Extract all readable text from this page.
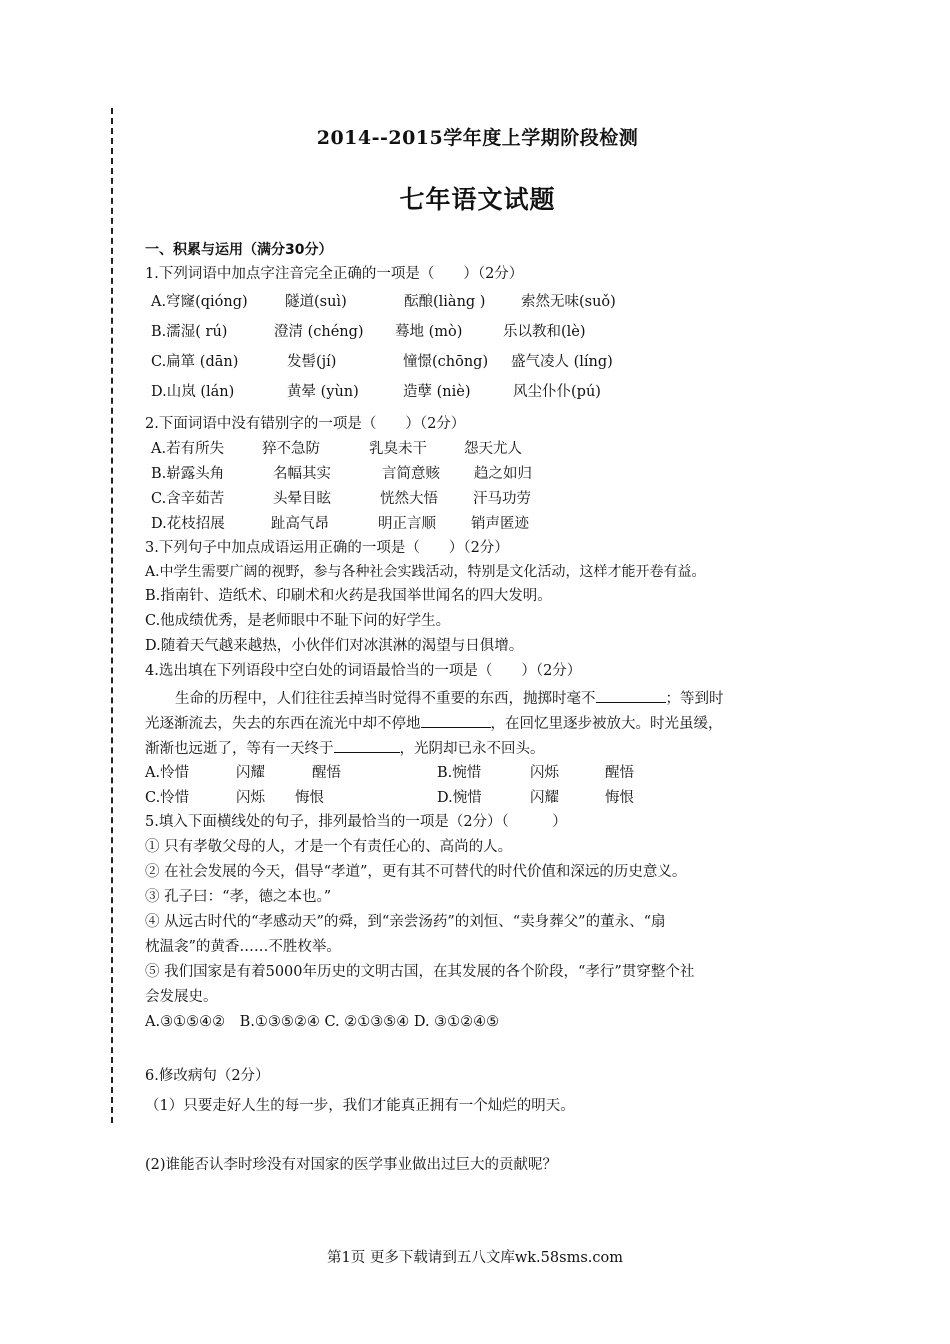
2014--2015学年度上学期阶段检测
七年语文试题
一、积累与运用（满分30分）
1.下列词语中加点字注音完全正确的一项是（　　）（2分）
A.穹窿(qióng)	隧道(suì)	酝酿(liàng ) 索然无味(suǒ)
B.濡湿( rú)	澄清 (chéng) 蓦地 (mò)	乐以教和(lè)
C.扁箪 (dān)	发髻(jí)	憧憬(chōng) 盛气凌人 (líng)
D.山岚 (lán)	黄晕 (yùn)	造孽 (niè)	风尘仆仆(pú)
2.下面词语中没有错别字的一项是（　　）（2分）
A.若有所失	猝不急防	乳臭未干	怨天尤人
B.崭露头角	名幅其实	言简意赅 趋之如归
C.含辛茹苦	头晕目眩	恍然大悟 汗马功劳
D.花枝招展	趾高气昂	明正言顺 销声匿迹
3.下列句子中加点成语运用正确的一项是（　　）（2分）
A.中学生需要广阔的视野，参与各种社会实践活动，特别是文化活动，这样才能开卷有益。
B.指南针、造纸术、印刷术和火药是我国举世闻名的四大发明。
C.他成绩优秀，是老师眼中不耻下问的好学生。
D.随着天气越来越热，小伙伴们对冰淇淋的渴望与日俱增。
4.选出填在下列语段中空白处的词语最恰当的一项是（　　）（2分）
生命的历程中，人们往往丢掉当时觉得不重要的东西，抛掷时毫不	；等到时
光逐渐流去，失去的东西在流光中却不停地	，在回忆里逐步被放大。时光虽缓，
渐渐也远逝了，等有一天终于	，光阴却已永不回头。
A.怜惜	闪耀	醒悟	B.惋惜	闪烁	醒悟
C.怜惜	闪烁 悔恨	D.惋惜	闪耀	悔恨
5.填入下面横线处的句子，排列最恰当的一项是（2分）（　　　）
① 只有孝敬父母的人，才是一个有责任心的、高尚的人。
② 在社会发展的今天，倡导“孝道”，更有其不可替代的时代价值和深远的历史意义。
③ 孔子曰：“孝，德之本也。”
④ 从远古时代的“孝感动天”的舜，到“亲尝汤药”的刘恒、“卖身葬父”的董永、“扇
枕温衾”的黄香……不胜枚举。
⑤ 我们国家是有着5000年历史的文明古国，在其发展的各个阶段，“孝行”贯穿整个社
会发展史。
A.③①⑤④②　B.①③⑤②④ C. ②①③⑤④ D. ③①②④⑤
6.修改病句（2分）
（1）只要走好人生的每一步，我们才能真正拥有一个灿烂的明天。
(2)谁能否认李时珍没有对国家的医学事业做出过巨大的贡献呢？
第1页 更多下载请到五八文库wk.58sms.com
